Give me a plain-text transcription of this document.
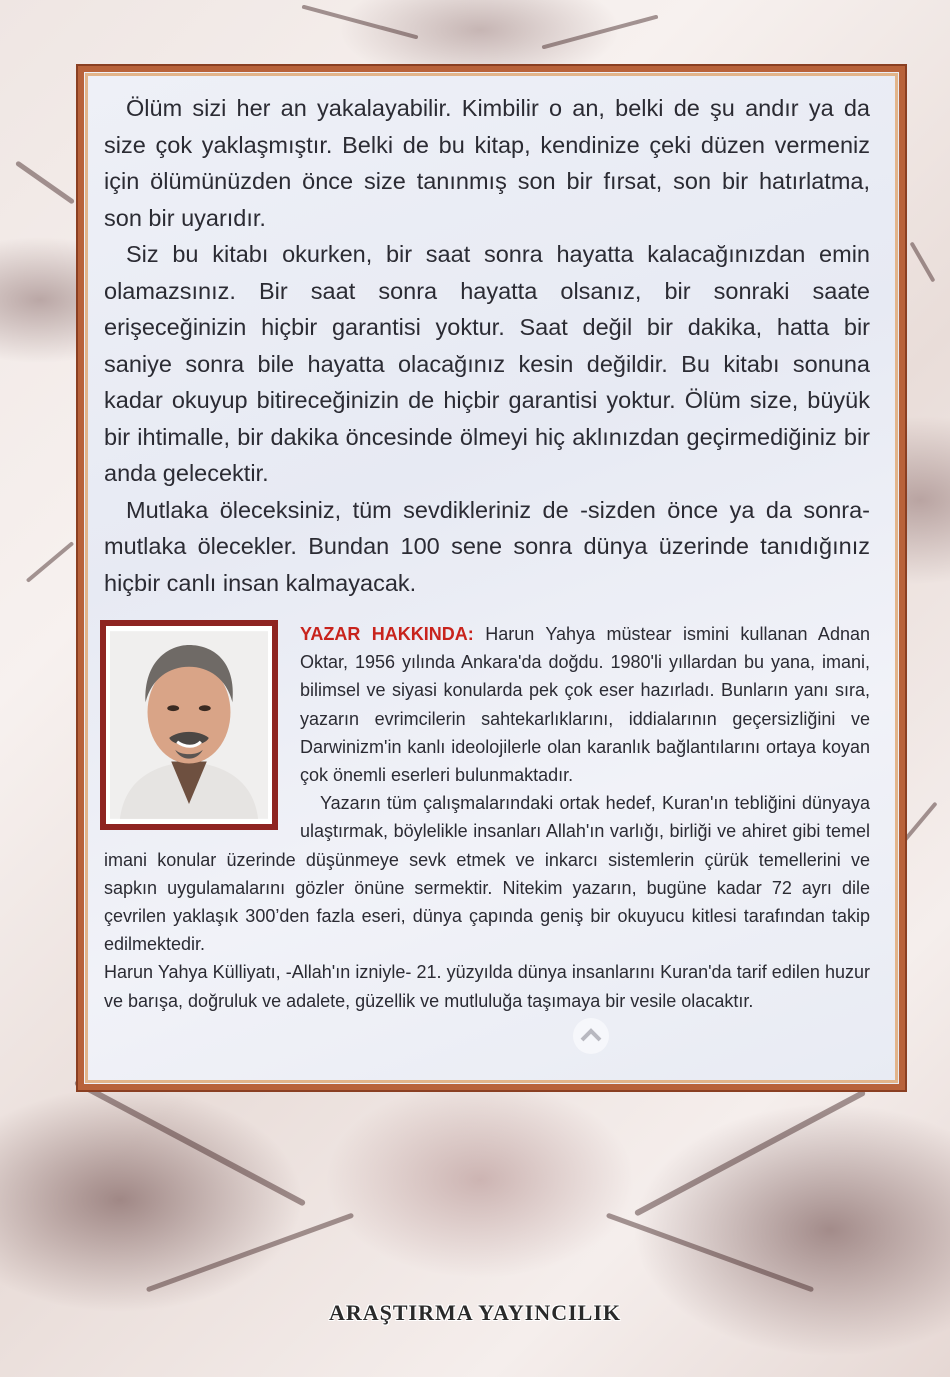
Ölüm sizi her an yakalayabilir. Kimbilir o an, belki de şu andır ya da size çok yaklaşmıştır. Belki de bu kitap, kendinize çeki düzen vermeniz için ölümünüzden önce size tanınmış son bir fırsat, son bir hatırlatma, son bir uyarıdır.

Siz bu kitabı okurken, bir saat sonra hayatta kalacağınızdan emin olamazsınız. Bir saat sonra hayatta olsanız, bir sonraki saate erişeceğinizin hiçbir garantisi yoktur. Saat değil bir dakika, hatta bir saniye sonra bile hayatta olacağınız kesin değildir. Bu kitabı sonuna kadar okuyup bitireceğinizin de hiçbir garantisi yoktur. Ölüm size, büyük bir ihtimalle, bir dakika öncesinde ölmeyi hiç aklınızdan geçirmediğiniz bir anda gelecektir.

Mutlaka öleceksiniz, tüm sevdikleriniz de -sizden önce ya da sonra- mutlaka ölecekler. Bundan 100 sene sonra dünya üzerinde tanıdığınız hiçbir canlı insan kalmayacak.

YAZAR HAKKINDA: Harun Yahya müstear ismini kullanan Adnan Oktar, 1956 yılında Ankara'da doğdu. 1980'li yıllardan bu yana, imani, bilimsel ve siyasi konularda pek çok eser hazırladı. Bunların yanı sıra, yazarın evrimcilerin sahtekarlıklarını, iddialarının geçersizliğini ve Darwinizm'in kanlı ideolojilerle olan karanlık bağlantılarını ortaya koyan çok önemli eserleri bulunmaktadır.

Yazarın tüm çalışmalarındaki ortak hedef, Kuran'ın tebliğini dünyaya ulaştırmak, böylelikle insanları Allah'ın varlığı, birliği ve ahiret gibi temel imani konular üzerinde düşünmeye sevk etmek ve inkarcı sistemlerin çürük temellerini ve sapkın uygulamalarını gözler önüne sermektir. Nitekim yazarın, bugüne kadar 72 ayrı dile çevrilen yaklaşık 300’den fazla eseri, dünya çapında geniş bir okuyucu kitlesi tarafından takip edilmektedir.

Harun Yahya Külliyatı, -Allah'ın izniyle- 21. yüzyılda dünya insanlarını Kuran'da tarif edilen huzur ve barışa, doğruluk ve adalete, güzellik ve mutluluğa taşımaya bir vesile olacaktır.

ARAŞTIRMA YAYINCILIK
